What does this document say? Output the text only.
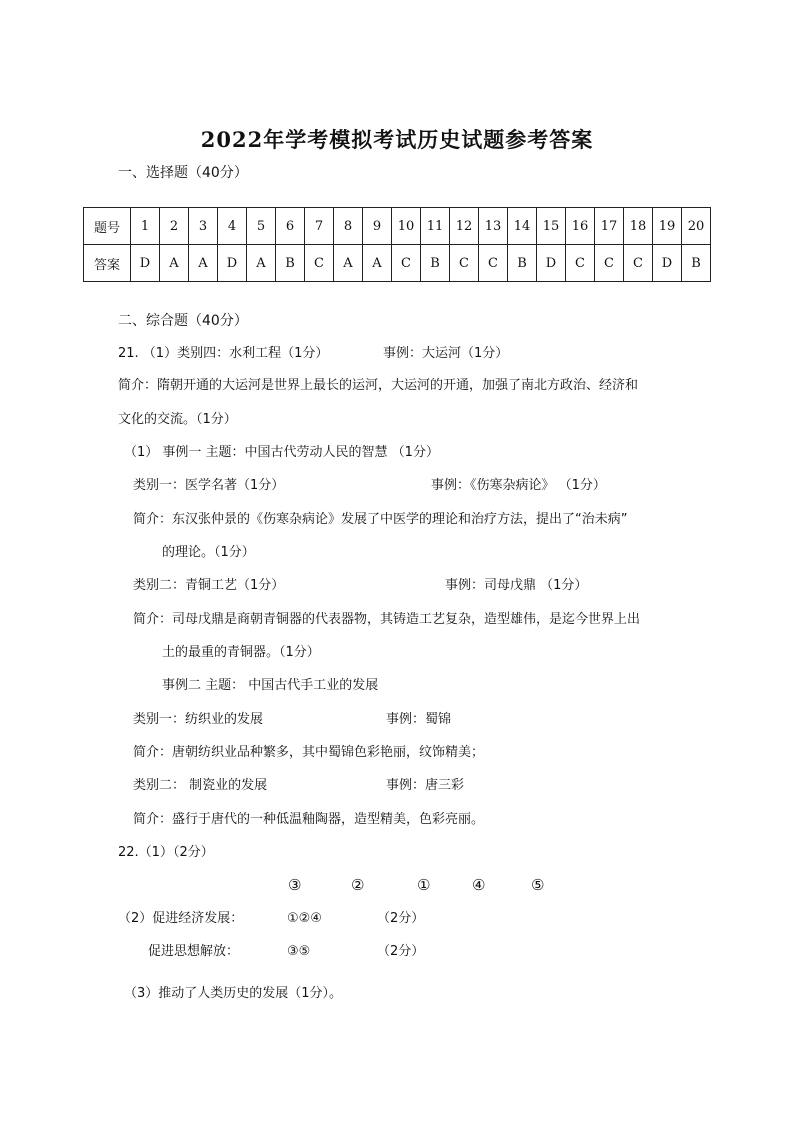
2022年学考模拟考试历史试题参考答案
一、选择题（40分）
题号	1	2	3	4	5	6	7	8	9	10	11	12	13	14	15	16	17	18	19	20
答案	D	A	A	D	A	B	C	A	A	C	B	C	C	B	D	C	C	C	D	B
二、综合题（40分）
21. （1）类别四：水利工程（1分）	事例：大运河（1分）
简介：隋朝开通的大运河是世界上最长的运河，大运河的开通，加强了南北方政治、经济和
文化的交流。（1分）
（1） 事例一 主题：中国古代劳动人民的智慧 （1分）
类别一：医学名著（1分）	事例：《伤寒杂病论》 （1分）
简介：东汉张仲景的《伤寒杂病论》发展了中医学的理论和治疗方法，提出了“治未病”
的理论。（1分）
类别二：青铜工艺（1分）	事例：司母戊鼎 （1分）
简介：司母戊鼎是商朝青铜器的代表器物，其铸造工艺复杂，造型雄伟，是迄今世界上出
土的最重的青铜器。（1分）
事例二 主题： 中国古代手工业的发展
类别一：纺织业的发展	事例：蜀锦
简介：唐朝纺织业品种繁多，其中蜀锦色彩艳丽，纹饰精美；
类别二： 制瓷业的发展	事例：唐三彩
简介：盛行于唐代的一种低温釉陶器，造型精美，色彩亮丽。
22.（1）（2分）
③	②	①	④	⑤
（2）促进经济发展：	①②④	（2分）
促进思想解放：	③⑤	（2分）
（3）推动了人类历史的发展（1分）。
